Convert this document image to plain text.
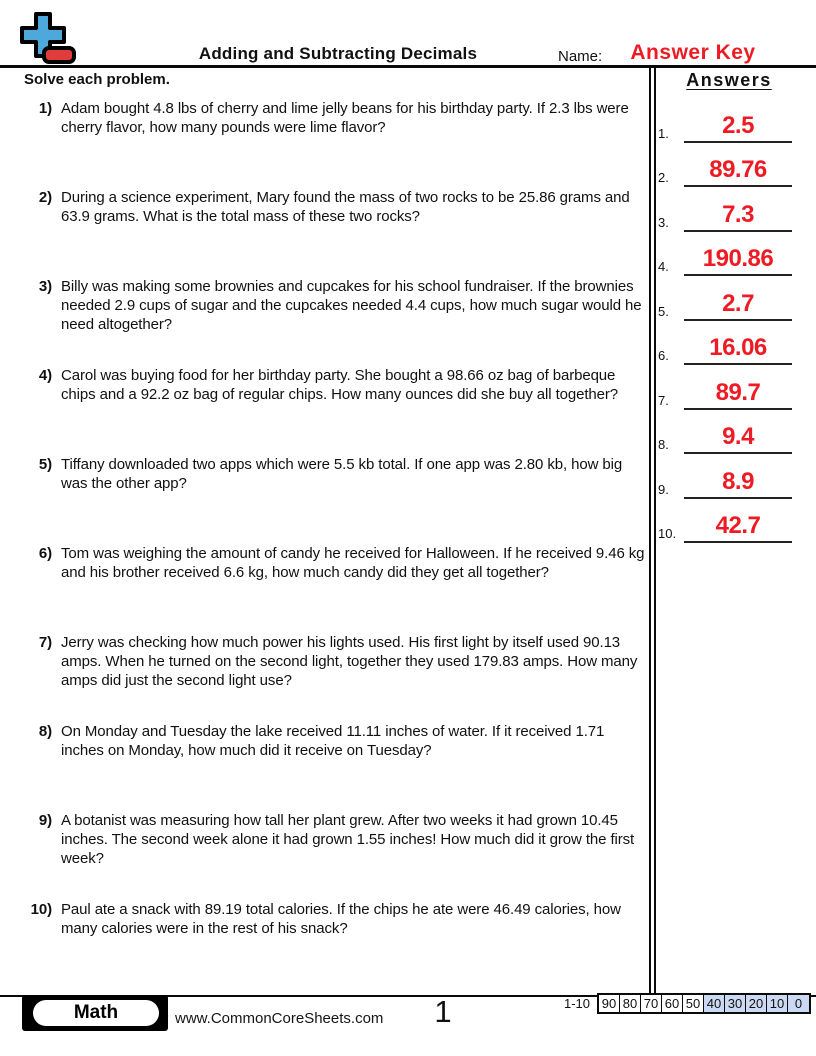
Adding and Subtracting Decimals	Name:	Answer Key
Solve each problem.
1) Adam bought 4.8 lbs of cherry and lime jelly beans for his birthday party. If 2.3 lbs were cherry flavor, how many pounds were lime flavor?
2) During a science experiment, Mary found the mass of two rocks to be 25.86 grams and 63.9 grams. What is the total mass of these two rocks?
3) Billy was making some brownies and cupcakes for his school fundraiser. If the brownies needed 2.9 cups of sugar and the cupcakes needed 4.4 cups, how much sugar would he need altogether?
4) Carol was buying food for her birthday party. She bought a 98.66 oz bag of barbeque chips and a 92.2 oz bag of regular chips. How many ounces did she buy all together?
5) Tiffany downloaded two apps which were 5.5 kb total. If one app was 2.80 kb, how big was the other app?
6) Tom was weighing the amount of candy he received for Halloween. If he received 9.46 kg and his brother received 6.6 kg, how much candy did they get all together?
7) Jerry was checking how much power his lights used. His first light by itself used 90.13 amps. When he turned on the second light, together they used 179.83 amps. How many amps did just the second light use?
8) On Monday and Tuesday the lake received 11.11 inches of water. If it received 1.71 inches on Monday, how much did it receive on Tuesday?
9) A botanist was measuring how tall her plant grew. After two weeks it had grown 10.45 inches. The second week alone it had grown 1.55 inches! How much did it grow the first week?
10) Paul ate a snack with 89.19 total calories. If the chips he ate were 46.49 calories, how many calories were in the rest of his snack?
Answers
1.	2.5
2.	89.76
3.	7.3
4.	190.86
5.	2.7
6.	16.06
7.	89.7
8.	9.4
9.	8.9
10.	42.7
Math	www.CommonCoreSheets.com	1	1-10 90 80 70 60 50 40 30 20 10 0
